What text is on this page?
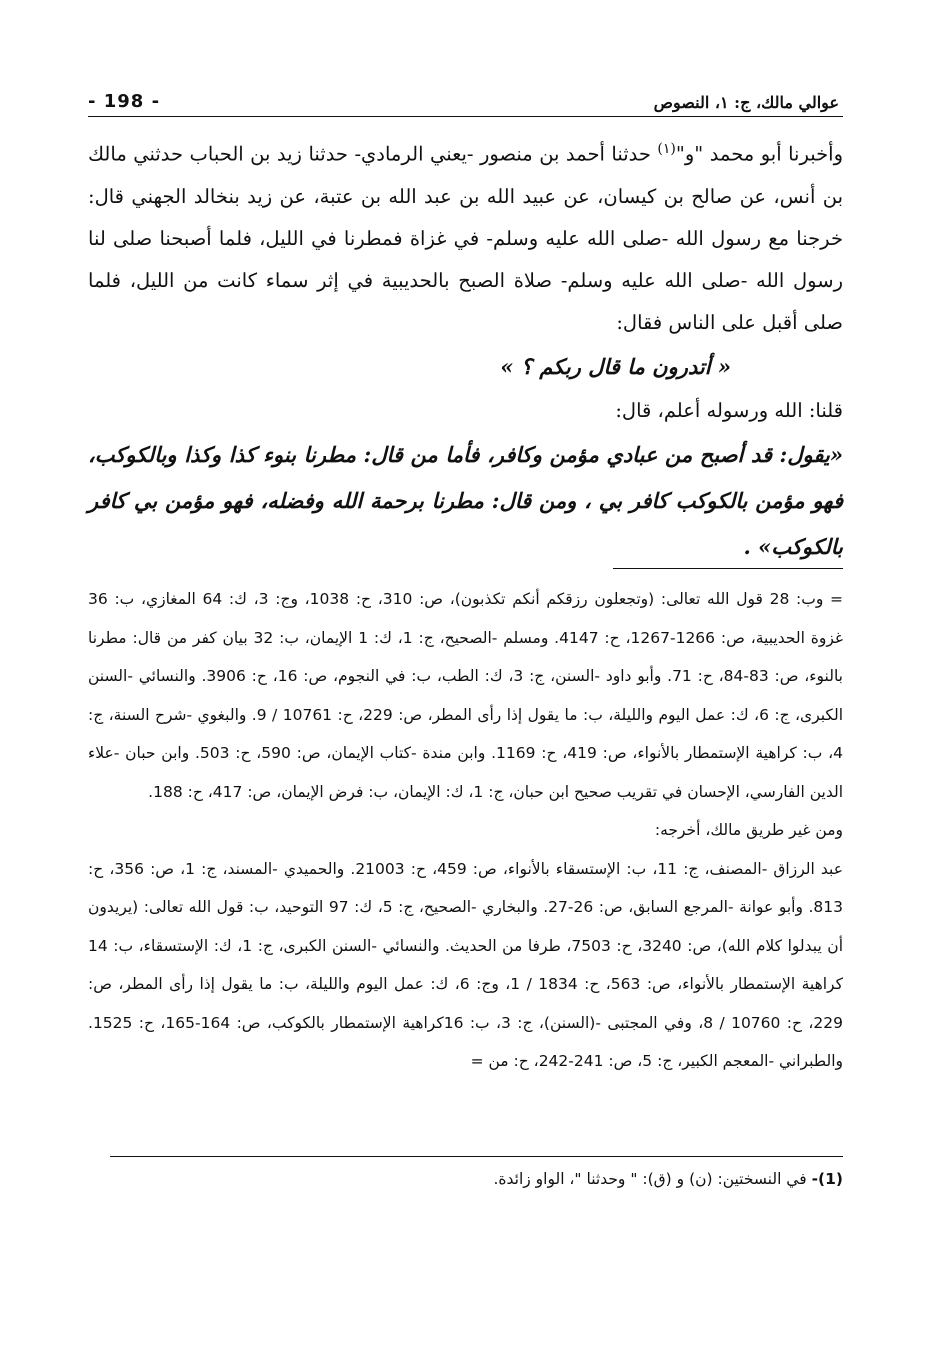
عوالي مالك، ج: ١، النصوص
- 198 -

وأخبرنا أبو محمد "و"$^{(١)}$ حدثنا أحمد بن منصور -يعني الرمادي- حدثنا زيد بن الحباب حدثني مالك بن أنس، عن صالح بن كيسان، عن عبيد الله بن عبد الله بن عتبة، عن زيد بنخالد الجهني قال: خرجنا مع رسول الله -صلى الله عليه وسلم- في غزاة فمطرنا في الليل، فلما أصبحنا صلى لنا رسول الله -صلى الله عليه وسلم- صلاة الصبح بالحديبية في إثر سماء كانت من الليل، فلما صلى أقبل على الناس فقال:

« أتدرون ما قال ربكم ؟ »

قلنا: الله ورسوله أعلم، قال:

«يقول: قد أصبح من عبادي مؤمن وكافر، فأما من قال: مطرنا بنوء كذا وكذا وبالكوكب، فهو مؤمن بالكوكب كافر بي ، ومن قال: مطرنا برحمة الله وفضله، فهو مؤمن بي كافر بالكوكب» .

= وب: 28 قول الله تعالى: (وتجعلون رزقكم أنكم تكذبون)، ص: 310، ح: 1038، وج: 3، ك: 64 المغازي، ب: 36 غزوة الحديبية، ص: 1266-1267، ح: 4147. ومسلم -الصحيح، ج: 1، ك: 1 الإيمان، ب: 32 بيان كفر من قال: مطرنا بالنوء، ص: 83-84، ح: 71. وأبو داود -السنن، ج: 3، ك: الطب، ب: في النجوم، ص: 16، ح: 3906. والنسائي -السنن الكبرى، ج: 6، ك: عمل اليوم والليلة، ب: ما يقول إذا رأى المطر، ص: 229، ح: 10761 / 9. والبغوي -شرح السنة، ج: 4، ب: كراهية الإستمطار بالأنواء، ص: 419، ح: 1169. وابن مندة -كتاب الإيمان، ص: 590، ح: 503. وابن حبان -علاء الدين الفارسي، الإحسان في تقريب صحيح ابن حبان، ج: 1، ك: الإيمان، ب: فرض الإيمان، ص: 417، ح: 188.

ومن غير طريق مالك، أخرجه:

عبد الرزاق -المصنف، ج: 11، ب: الإستسقاء بالأنواء، ص: 459، ح: 21003. والحميدي -المسند، ج: 1، ص: 356، ح: 813. وأبو عوانة -المرجع السابق، ص: 26-27. والبخاري -الصحيح، ج: 5، ك: 97 التوحيد، ب: قول الله تعالى: (يريدون أن يبدلوا كلام الله)، ص: 3240، ح: 7503، طرفا من الحديث. والنسائي -السنن الكبرى، ج: 1، ك: الإستسقاء، ب: 14 كراهية الإستمطار بالأنواء، ص: 563، ح: 1834 / 1، وج: 6، ك: عمل اليوم والليلة، ب: ما يقول إذا رأى المطر، ص: 229، ح: 10760 / 8، وفي المجتبى -(السنن)، ج: 3، ب: 16كراهية الإستمطار بالكوكب، ص: 164-165، ح: 1525. والطبراني -المعجم الكبير، ج: 5، ص: 241-242، ح: من =

(1)- في النسختين: (ن) و (ق): " وحدثنا "، الواو زائدة.
